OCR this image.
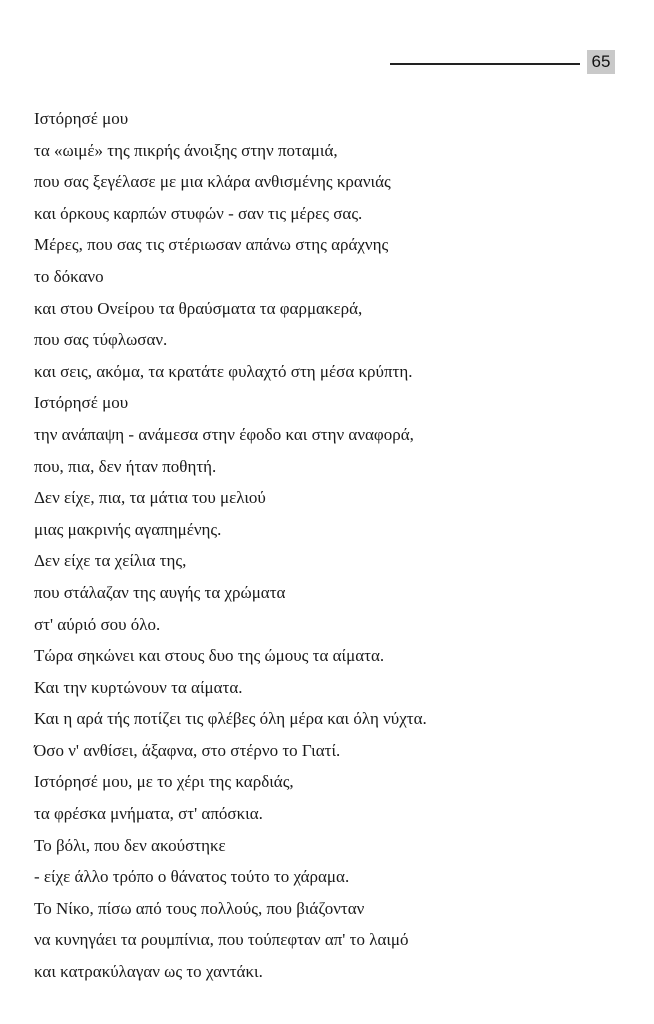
65
Ιστόρησέ μου
τα «ωιμέ» της πικρής άνοιξης στην ποταμιά,
που σας ξεγέλασε με μια κλάρα ανθισμένης κρανιάς
και όρκους καρπών στυφών - σαν τις μέρες σας.
Μέρες, που σας τις στέριωσαν απάνω στης αράχνης
το δόκανο
και στου Ονείρου τα θραύσματα τα φαρμακερά,
που σας τύφλωσαν.
και σεις, ακόμα, τα κρατάτε φυλαχτό στη μέσα κρύπτη.
Ιστόρησέ μου
την ανάπαψη - ανάμεσα στην έφοδο και στην αναφορά,
που, πια, δεν ήταν ποθητή.
Δεν είχε, πια, τα μάτια του μελιού
μιας μακρινής αγαπημένης.
Δεν είχε τα χείλια της,
που στάλαζαν της αυγής τα χρώματα
στ' αύριό σου όλο.
Τώρα σηκώνει και στους δυο της ώμους τα αίματα.
Και την κυρτώνουν τα αίματα.
Και η αρά τής ποτίζει τις φλέβες όλη μέρα και όλη νύχτα.
Όσο ν' ανθίσει, άξαφνα, στο στέρνο το Γιατί.
Ιστόρησέ μου, με το χέρι της καρδιάς,
τα φρέσκα μνήματα, στ' απόσκια.
Το βόλι, που δεν ακούστηκε
- είχε άλλο τρόπο ο θάνατος τούτο το χάραμα.
Το Νίκο, πίσω από τους πολλούς, που βιάζονταν
να κυνηγάει τα ρουμπίνια, που τούπεφταν απ' το λαιμό
και κατρακύλαγαν ως το χαντάκι.
